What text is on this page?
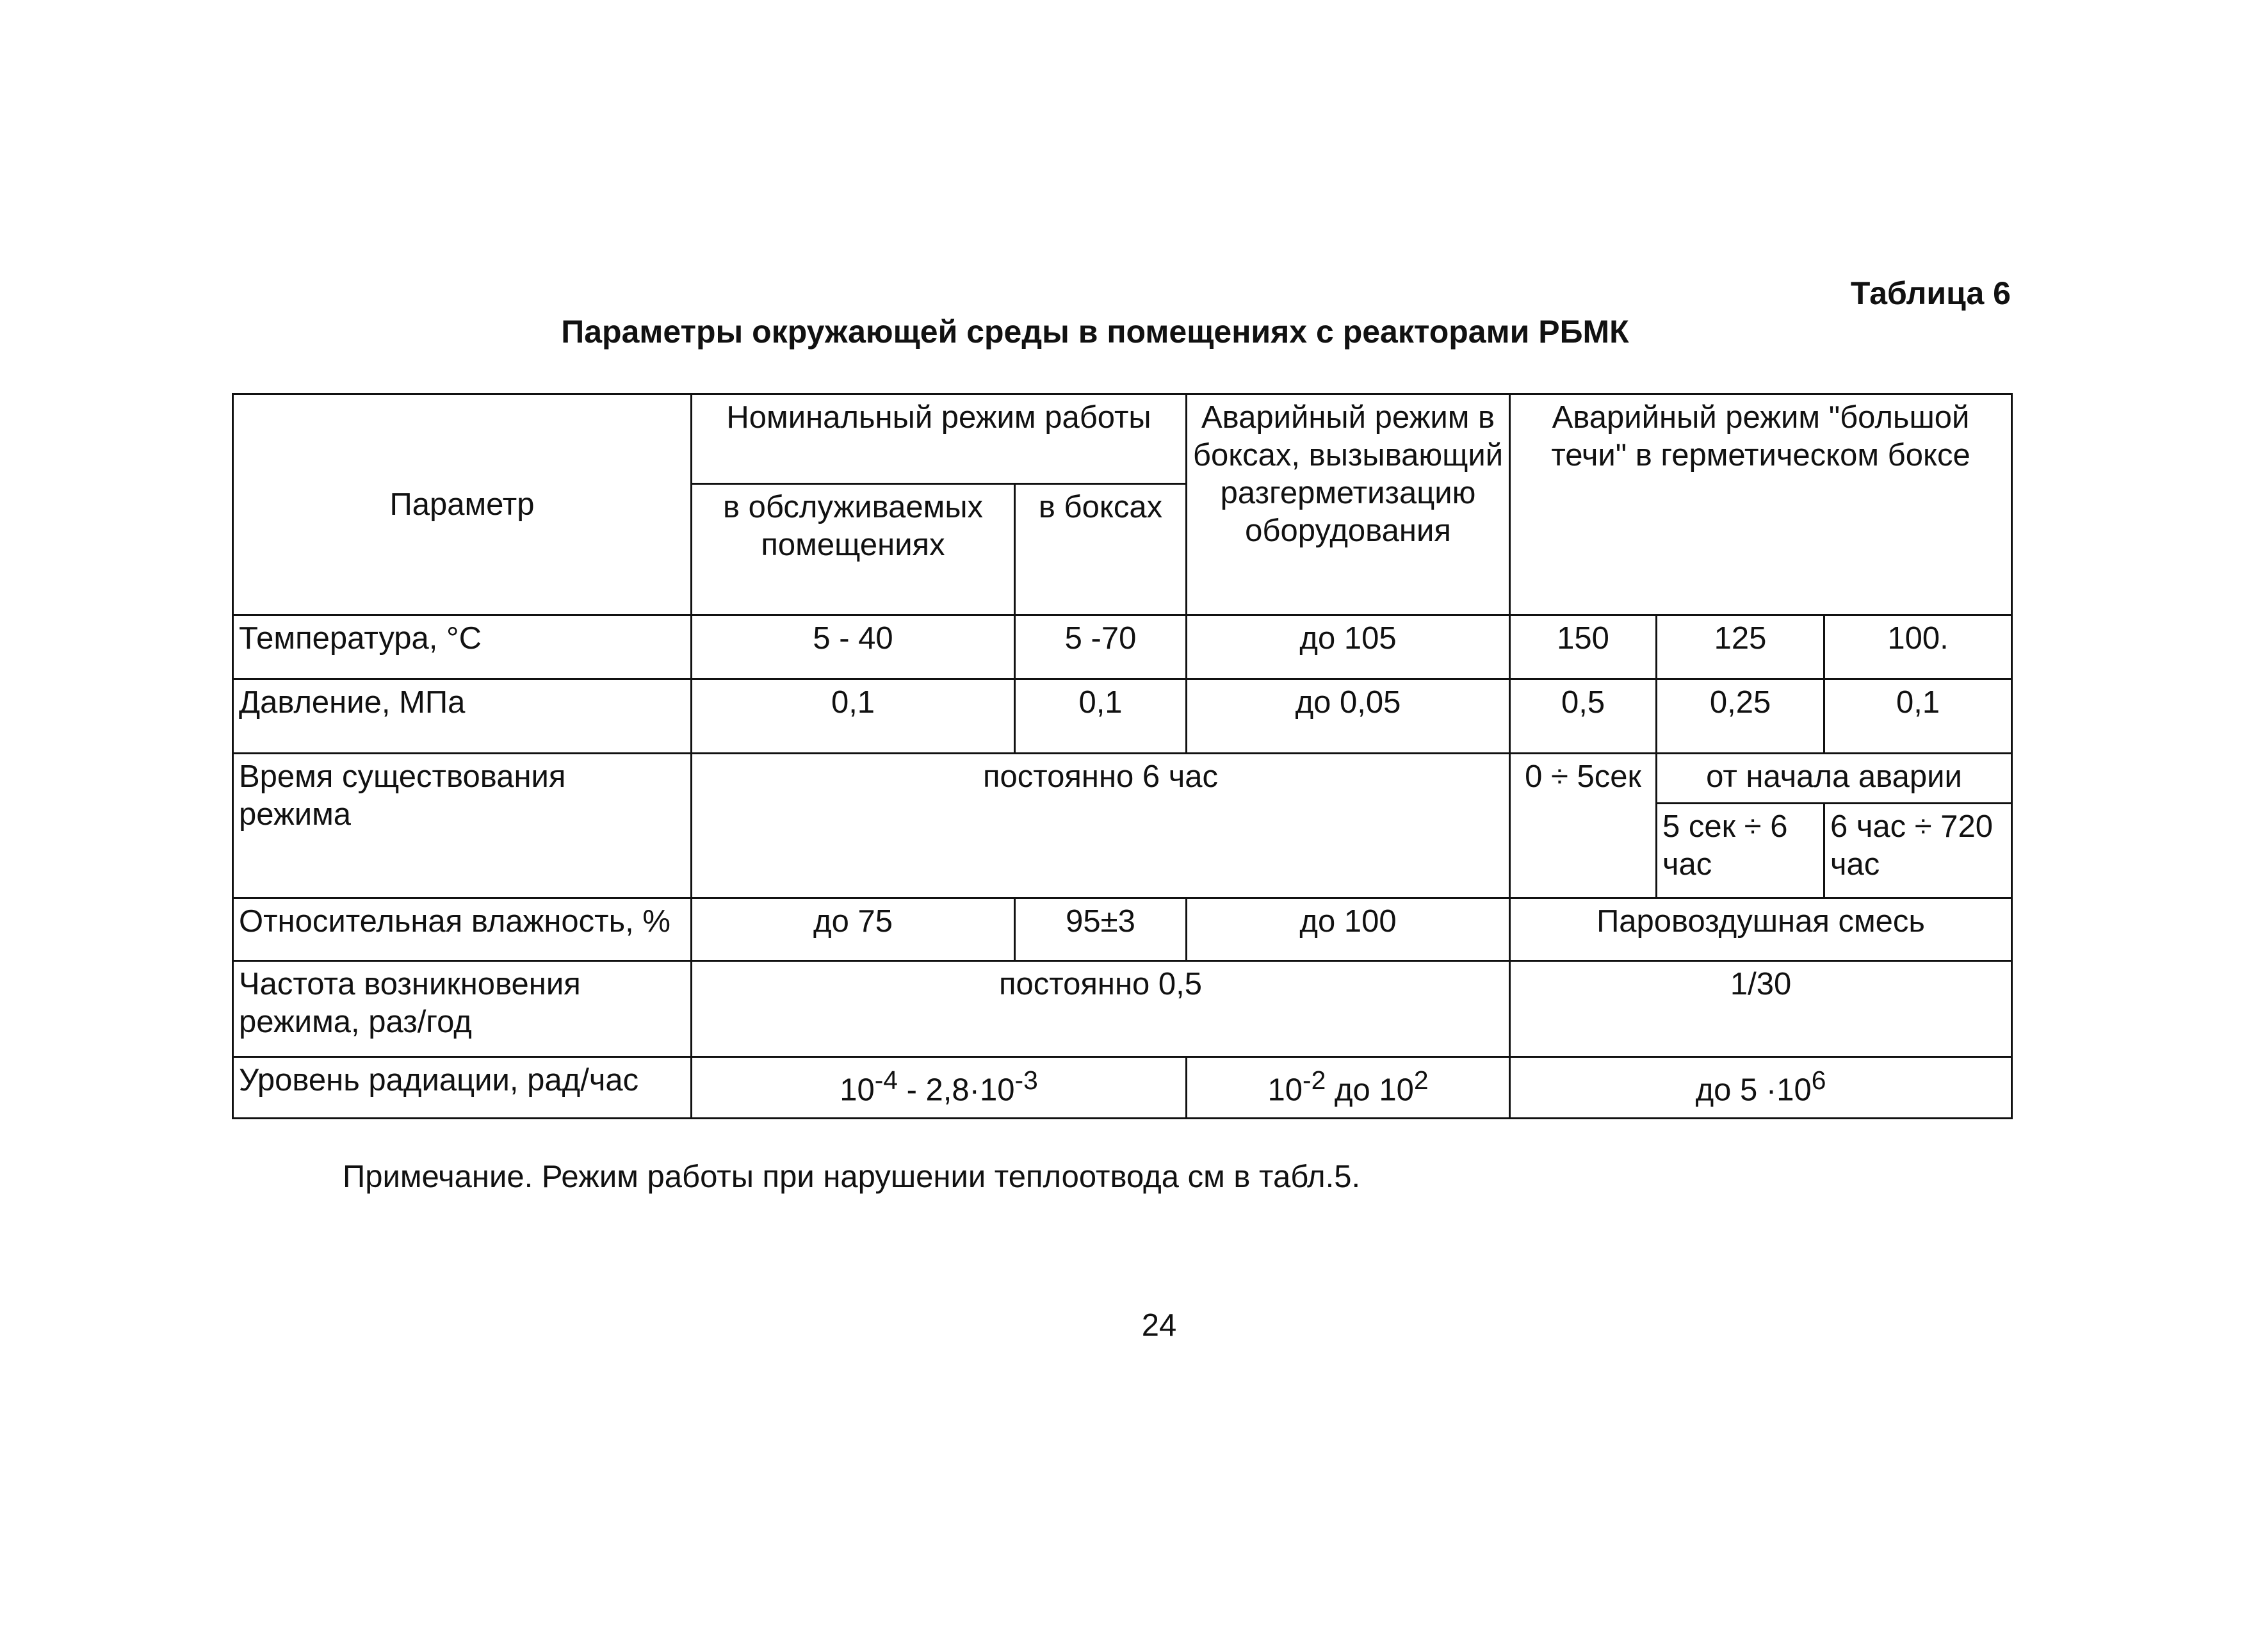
Таблица 6
Параметры окружающей среды в помещениях с реакторами РБМК
Параметр	Номинальный режим работы		Аварийный режим в боксах, вызывающий разгерметизацию оборудования	Аварийный режим "большой течи" в герметическом боксе		
	в обслуживаемых помещениях	в боксах				
Температура, °C	5 - 40	5 -70	до 105	150	125	100.
Давление, МПа	0,1	0,1	до 0,05	0,5	0,25	0,1
Время существования режима	постоянно 6 час			0 ÷ 5сек	от начала аварии	
					5 сек ÷ 6 час	6 час ÷ 720 час
Относительная влажность, %	до 75	95±3	до 100	Паровоздушная смесь		
Частота возникновения режима, раз/год	постоянно 0,5			1/30		
Уровень радиации, рад/час	$10^{-4} - 2,8\cdot 10^{-3}$		$10^{-2}$ до $10^2$	до $5 \cdot 10^6$
Примечание. Режим работы при нарушении теплоотвода см в табл.5.
24
